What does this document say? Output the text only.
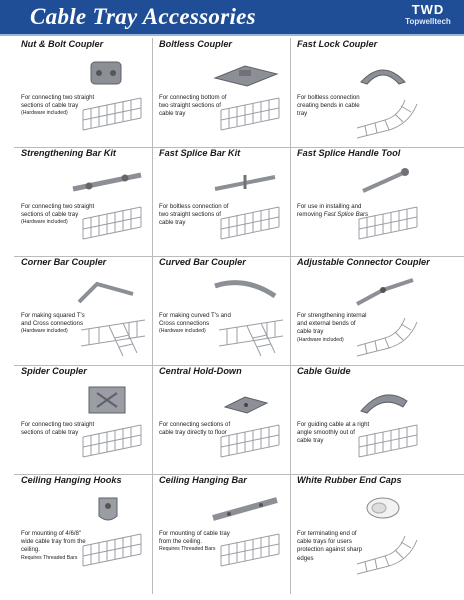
Cable Tray Accessories	TWD
Topwelltech
Nut & Bolt Coupler
For connecting two straight sections of cable tray
(Hardware included)
Boltless Coupler
For connecting bottom of two straight sections of cable tray
Fast Lock Coupler
For boltless connection creating bends in cable tray
Strengthening Bar Kit
For connecting two straight sections of cable tray
(Hardware included)
Fast Splice Bar Kit
For boltless connection of two straight sections of cable tray
Fast Splice Handle Tool
For use in installing and removing Fast Splice Bars
Corner Bar Coupler
For making squared T's and Cross connections
(Hardware included)
Curved Bar Coupler
For making curved T's and Cross connections
(Hardware included)
Adjustable Connector Coupler
For strengthening internal and external bends of cable tray
(Hardware included)
Spider Coupler
For connecting two straight sections of cable tray
Central Hold-Down
For connecting sections of cable tray directly to floor
Cable Guide
For guiding cable at a right angle smoothly out of cable tray
Ceiling Hanging Hooks
For mounting of 4/6/8" wide cable tray from the ceiling.
Requires Threaded Bars
Ceiling Hanging Bar
For mounting of cable tray from the ceiling.
Requires Threaded Bars
White Rubber End Caps
For terminating end of cable trays for users protection against sharp edges
